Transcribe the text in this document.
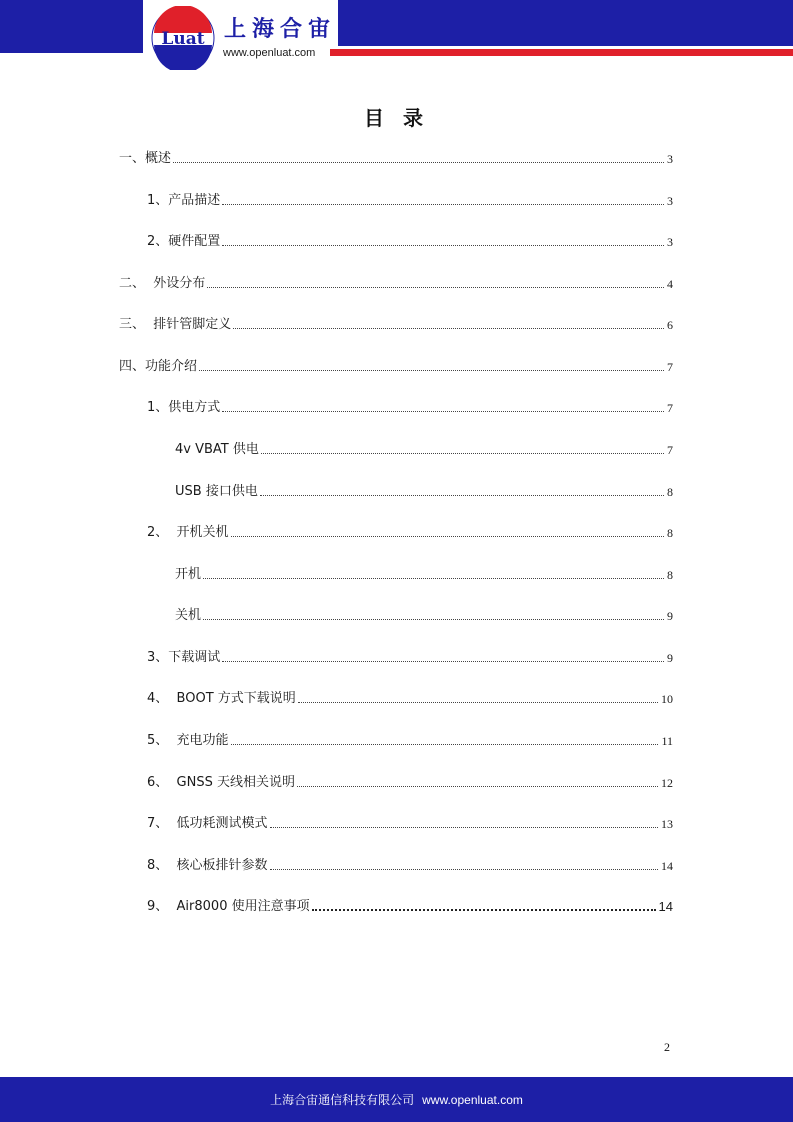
Luat 上海合宙
www.openluat.com
目 录
一、概述	3
1、产品描述	3
2、硬件配置	3
二、  外设分布	4
三、  排针管脚定义	6
四、功能介绍	7
1、供电方式	7
4v VBAT 供电	7
USB 接口供电	8
2、  开机关机	8
开机	8
关机	9
3、下载调试	9
4、  BOOT 方式下载说明	10
5、  充电功能	11
6、  GNSS 天线相关说明	12
7、  低功耗测试模式	13
8、  核心板排针参数	14
9、  Air8000 使用注意事项	14
2
上海合宙通信科技有限公司 www.openluat.com
